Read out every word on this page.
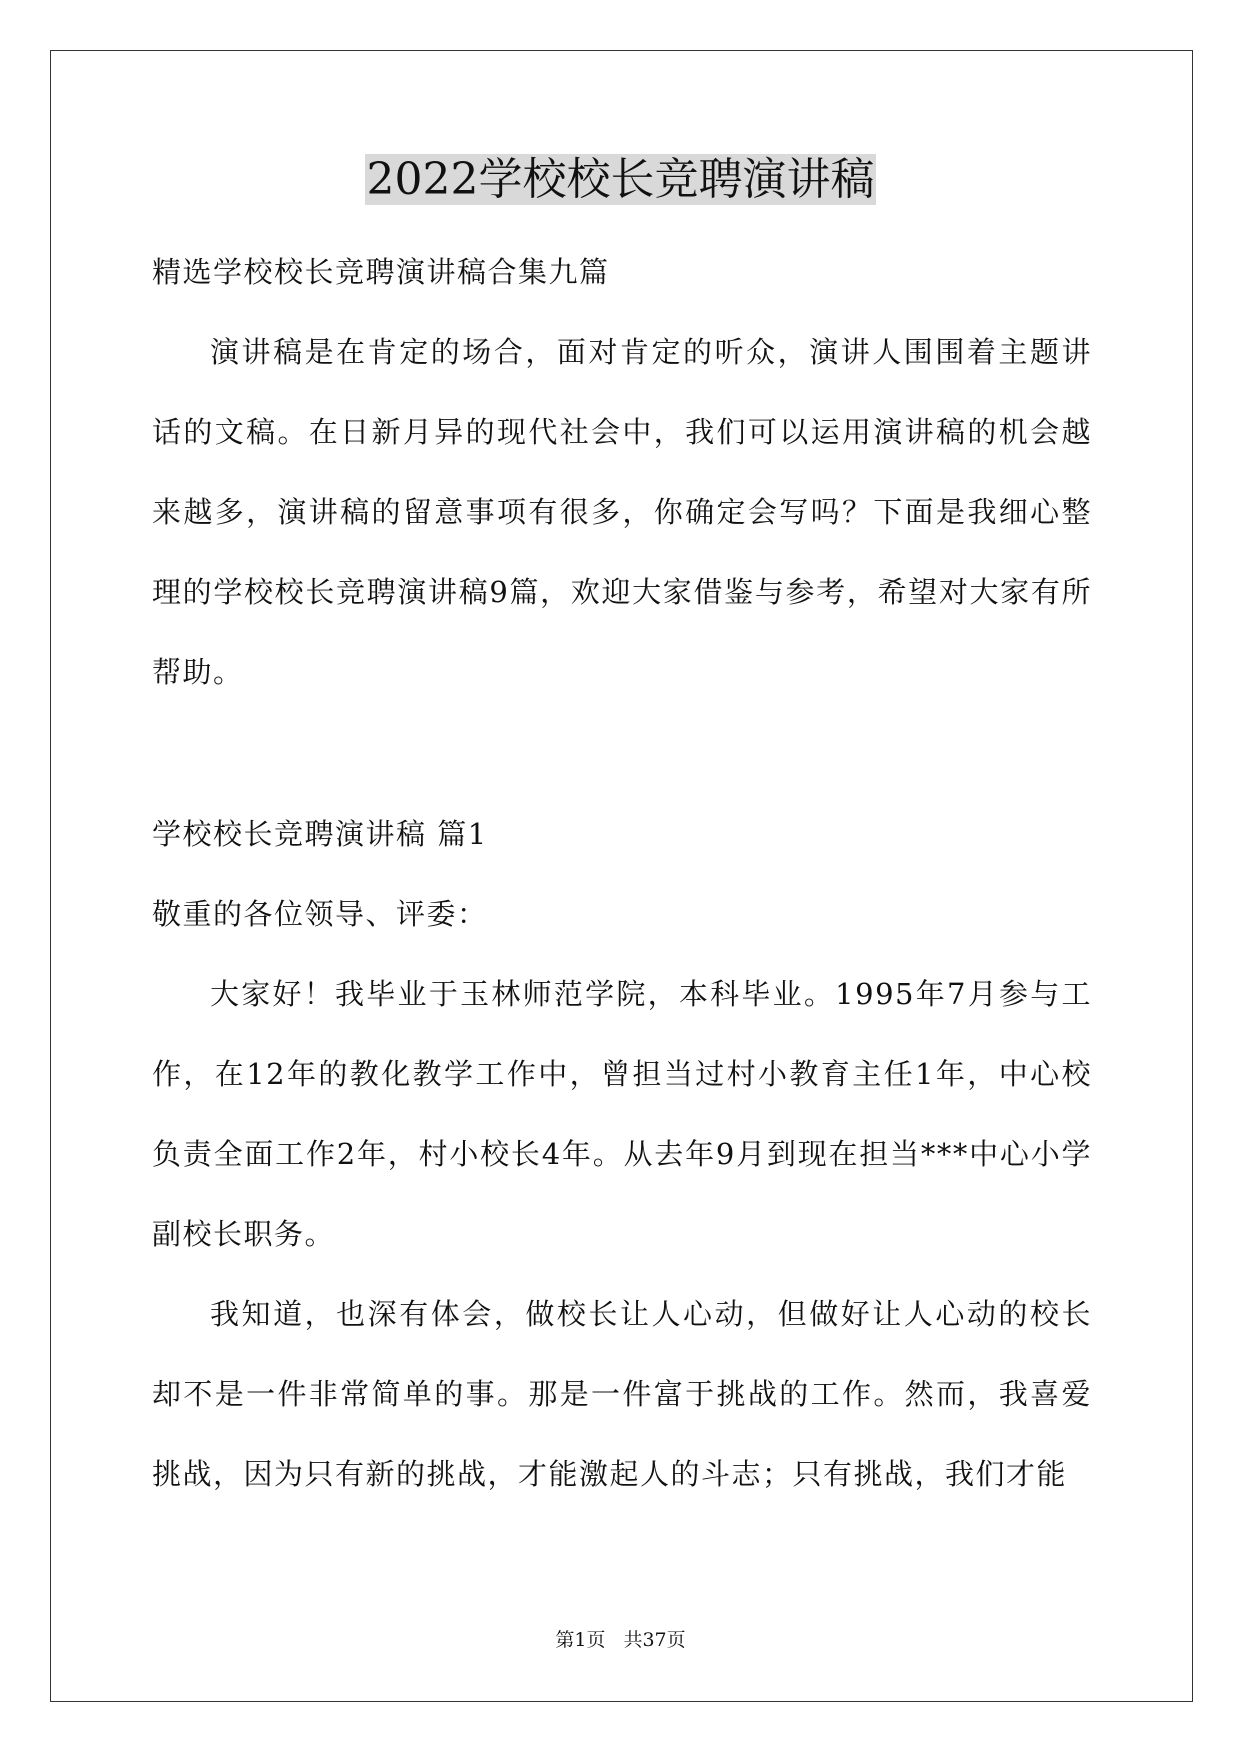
2022学校校长竞聘演讲稿

精选学校校长竞聘演讲稿合集九篇

演讲稿是在肯定的场合，面对肯定的听众，演讲人围围着主题讲话的文稿。在日新月异的现代社会中，我们可以运用演讲稿的机会越来越多，演讲稿的留意事项有很多，你确定会写吗？下面是我细心整理的学校校长竞聘演讲稿9篇，欢迎大家借鉴与参考，希望对大家有所帮助。

学校校长竞聘演讲稿 篇1

敬重的各位领导、评委：

大家好！我毕业于玉林师范学院，本科毕业。1995年7月参与工作，在12年的教化教学工作中，曾担当过村小教育主任1年，中心校负责全面工作2年，村小校长4年。从去年9月到现在担当***中心小学副校长职务。

我知道，也深有体会，做校长让人心动，但做好让人心动的校长却不是一件非常简单的事。那是一件富于挑战的工作。然而，我喜爱挑战，因为只有新的挑战，才能激起人的斗志；只有挑战，我们才能

第1页 共37页
